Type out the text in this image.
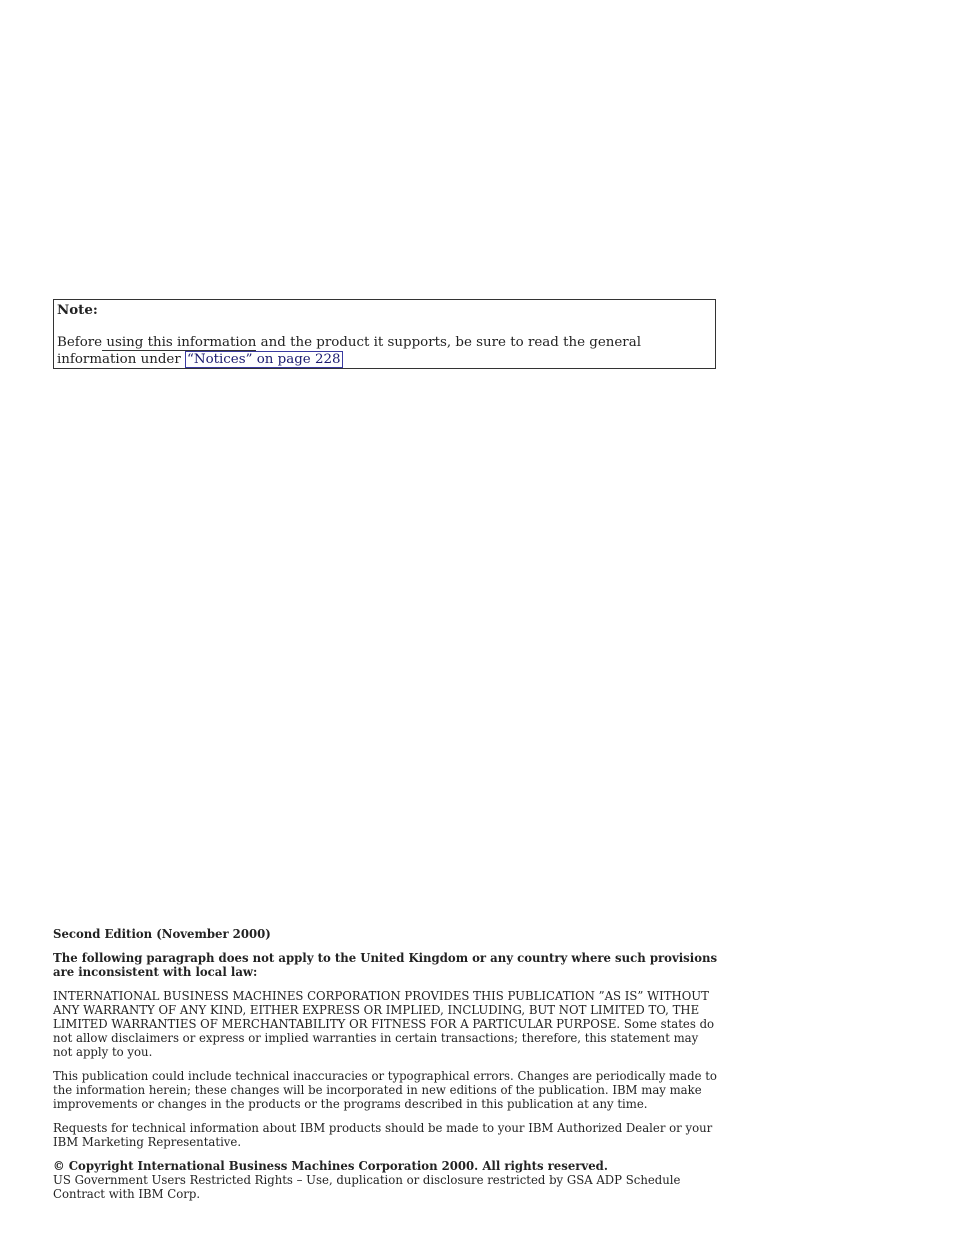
Note:

Before using this information and the product it supports, be sure to read the general information under “Notices” on page 228

Second Edition (November 2000)

The following paragraph does not apply to the United Kingdom or any country where such provisions are inconsistent with local law:

INTERNATIONAL BUSINESS MACHINES CORPORATION PROVIDES THIS PUBLICATION ”AS IS” WITHOUT ANY WARRANTY OF ANY KIND, EITHER EXPRESS OR IMPLIED, INCLUDING, BUT NOT LIMITED TO, THE LIMITED WARRANTIES OF MERCHANTABILITY OR FITNESS FOR A PARTICULAR PURPOSE. Some states do not allow disclaimers or express or implied warranties in certain transactions; therefore, this statement may not apply to you.

This publication could include technical inaccuracies or typographical errors. Changes are periodically made to the information herein; these changes will be incorporated in new editions of the publication. IBM may make improvements or changes in the products or the programs described in this publication at any time.

Requests for technical information about IBM products should be made to your IBM Authorized Dealer or your IBM Marketing Representative.

© Copyright International Business Machines Corporation 2000. All rights reserved.

US Government Users Restricted Rights – Use, duplication or disclosure restricted by GSA ADP Schedule Contract with IBM Corp.
